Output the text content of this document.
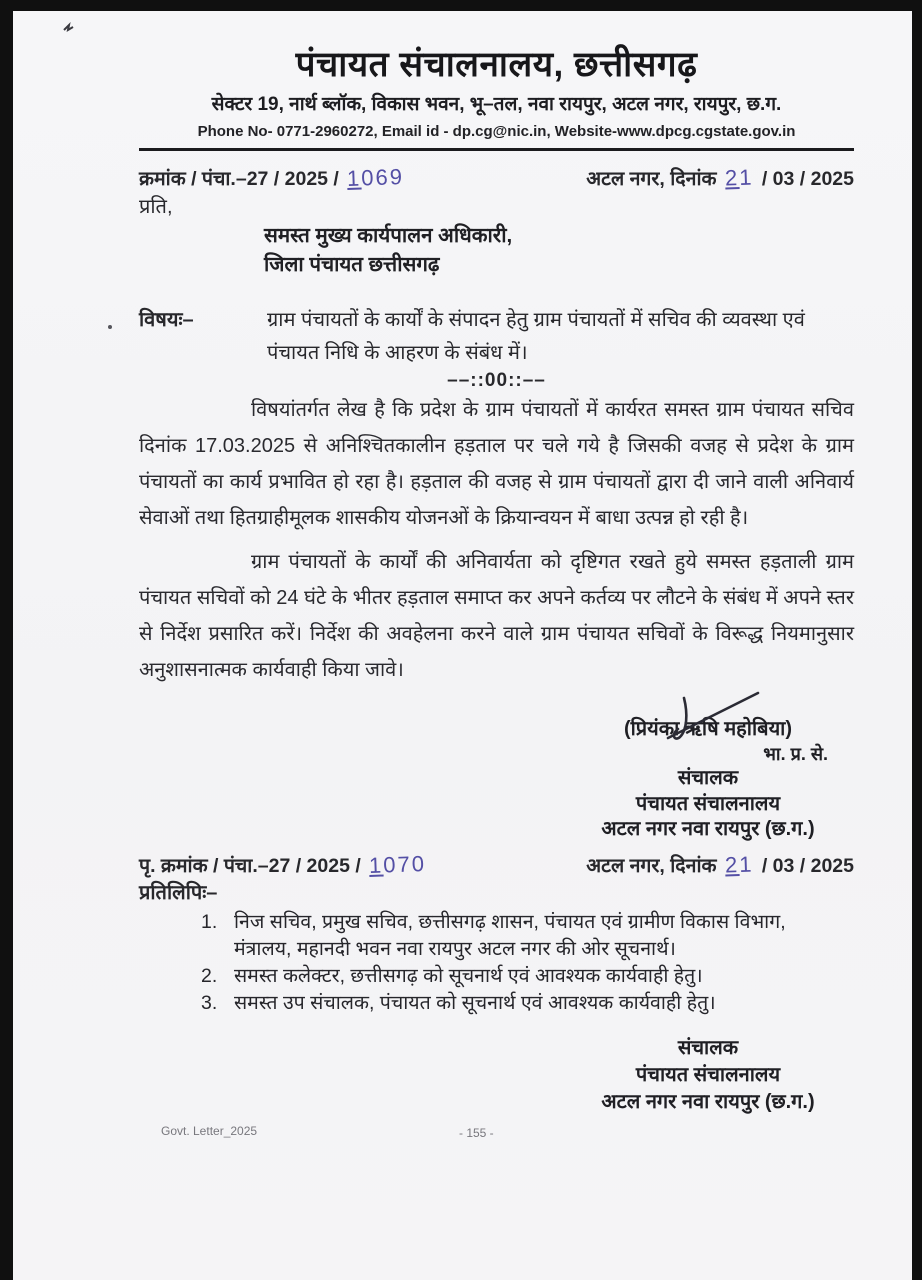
पंचायत संचालनालय, छत्तीसगढ़
सेक्टर 19, नार्थ ब्लॉक, विकास भवन, भू–तल, नवा रायपुर, अटल नगर, रायपुर, छ.ग.
Phone No- 0771-2960272, Email id - dp.cg@nic.in, Website-www.dpcg.cgstate.gov.in
क्रमांक / पंचा.–27 / 2025 / 1069	अटल नगर, दिनांक 21 / 03 / 2025
प्रति,
समस्त मुख्य कार्यपालन अधिकारी,
जिला पंचायत छत्तीसगढ़
विषयः–	ग्राम पंचायतों के कार्यों के संपादन हेतु ग्राम पंचायतों में सचिव की व्यवस्था एवं पंचायत निधि के आहरण के संबंध में।
––::00::––

विषयांतर्गत लेख है कि प्रदेश के ग्राम पंचायतों में कार्यरत समस्त ग्राम पंचायत सचिव दिनांक 17.03.2025 से अनिश्चितकालीन हड़ताल पर चले गये है जिसकी वजह से प्रदेश के ग्राम पंचायतों का कार्य प्रभावित हो रहा है। हड़ताल की वजह से ग्राम पंचायतों द्वारा दी जाने वाली अनिवार्य सेवाओं तथा हितग्राहीमूलक शासकीय योजनओं के क्रियान्वयन में बाधा उत्पन्न हो रही है।

ग्राम पंचायतों के कार्यों की अनिवार्यता को दृष्टिगत रखते हुये समस्त हड़ताली ग्राम पंचायत सचिवों को 24 घंटे के भीतर हड़ताल समाप्त कर अपने कर्तव्य पर लौटने के संबंध में अपने स्तर से निर्देश प्रसारित करें। निर्देश की अवहेलना करने वाले ग्राम पंचायत सचिवों के विरूद्ध नियमानुसार अनुशासनात्मक कार्यवाही किया जावे।

(प्रियंका ऋषि महोबिया)
भा. प्र. से.
संचालक
पंचायत संचालनालय
अटल नगर नवा रायपुर (छ.ग.)
पृ. क्रमांक / पंचा.–27 / 2025 / 1070	अटल नगर, दिनांक 21 / 03 / 2025
प्रतिलिपिः–
1. निज सचिव, प्रमुख सचिव, छत्तीसगढ़ शासन, पंचायत एवं ग्रामीण विकास विभाग, मंत्रालय, महानदी भवन नवा रायपुर अटल नगर की ओर सूचनार्थ।
2. समस्त कलेक्टर, छत्तीसगढ़ को सूचनार्थ एवं आवश्यक कार्यवाही हेतु।
3. समस्त उप संचालक, पंचायत को सूचनार्थ एवं आवश्यक कार्यवाही हेतु।
संचालक
पंचायत संचालनालय
अटल नगर नवा रायपुर (छ.ग.)
Govt. Letter_2025	- 155 -
